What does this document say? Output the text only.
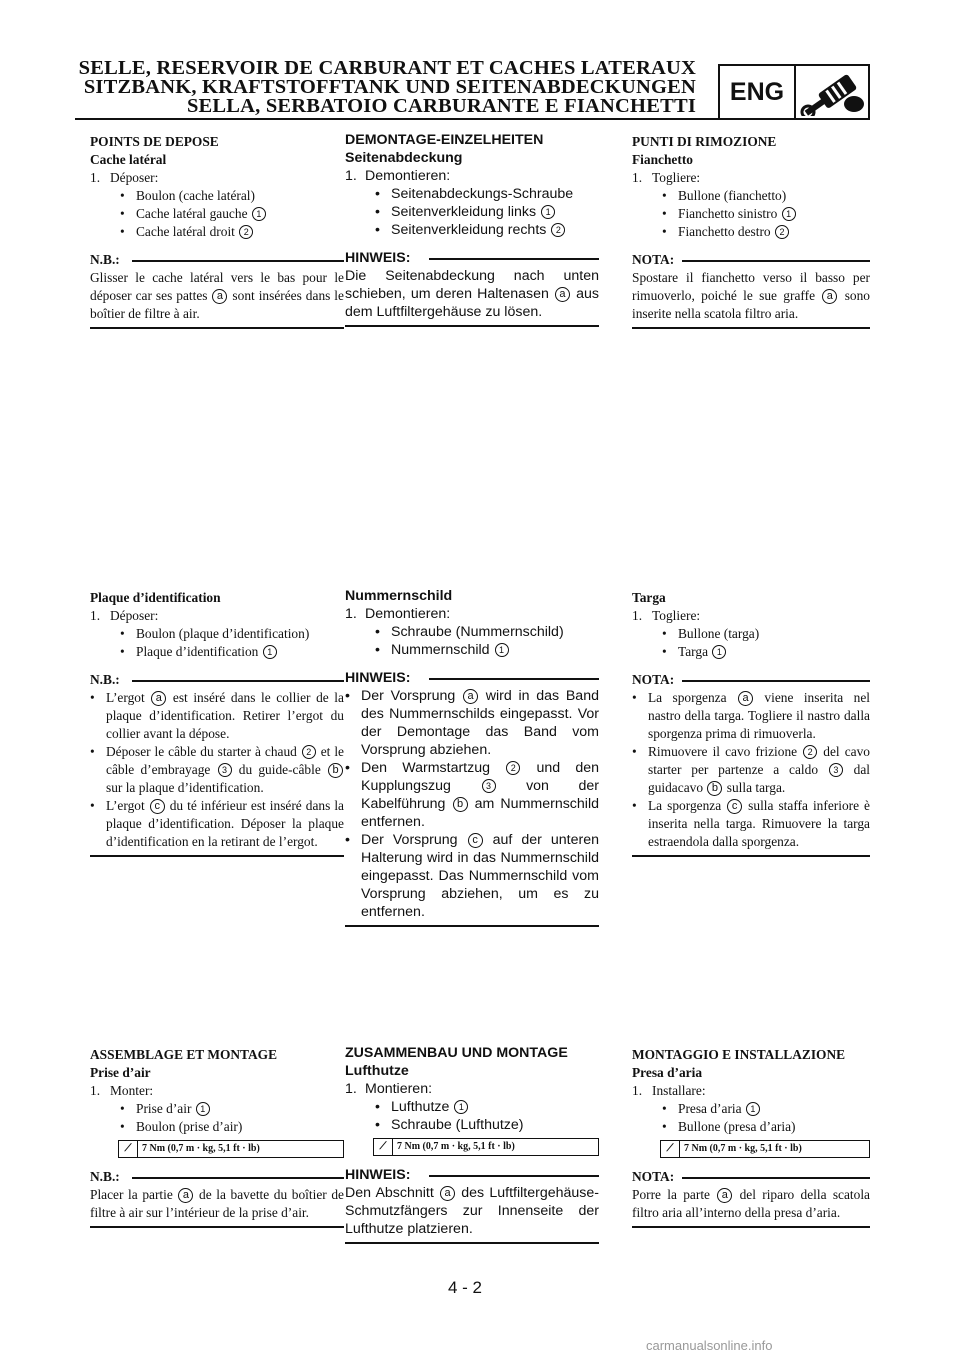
SELLE, RESERVOIR DE CARBURANT ET CACHES LATERAUX
SITZBANK, KRAFTSTOFFTANK UND SEITENABDECKUNGEN
SELLA, SERBATOIO CARBURANTE E FIANCHETTI
ENG
POINTS DE DEPOSE
Cache latéral
1. Déposer:
• Boulon (cache latéral)
• Cache latéral gauche 1
• Cache latéral droit 2
N.B.:
Glisser le cache latéral vers le bas pour le déposer car ses pattes a sont insérées dans le boîtier de filtre à air.
DEMONTAGE-EINZELHEITEN
Seitenabdeckung
1. Demontieren:
• Seitenabdeckungs-Schraube
• Seitenverkleidung links 1
• Seitenverkleidung rechts 2
HINWEIS:
Die Seitenabdeckung nach unten schieben, um deren Haltenasen a aus dem Luftfiltergehäuse zu lösen.
PUNTI DI RIMOZIONE
Fianchetto
1. Togliere:
• Bullone (fianchetto)
• Fianchetto sinistro 1
• Fianchetto destro 2
NOTA:
Spostare il fianchetto verso il basso per rimuoverlo, poiché le sue graffe a sono inserite nella scatola filtro aria.
Plaque d’identification
1. Déposer:
• Boulon (plaque d’identification)
• Plaque d’identification 1
N.B.:
• L’ergot a est inséré dans le collier de la plaque d’identification. Retirer l’ergot du collier avant la dépose.
• Déposer le câble du starter à chaud 2 et le câble d’embrayage 3 du guide-câble b sur la plaque d’identification.
• L’ergot c du té inférieur est inséré dans la plaque d’identification. Déposer la plaque d’identification en la retirant de l’ergot.
Nummernschild
1. Demontieren:
• Schraube (Nummernschild)
• Nummernschild 1
HINWEIS:
• Der Vorsprung a wird in das Band des Nummernschilds eingepasst. Vor der Demontage das Band vom Vorsprung abziehen.
• Den Warmstartzug 2 und den Kupplungszug	3 von der Kabelführung b am Nummernschild entfernen.
• Der Vorsprung c auf der unteren Halterung wird in das Nummernschild eingepasst. Das Nummernschild vom Vorsprung abziehen, um es zu entfernen.
Targa
1. Togliere:
• Bullone (targa)
• Targa 1
NOTA:
• La sporgenza a viene inserita nel nastro della targa. Togliere il nastro dalla sporgenza prima di rimuoverla.
• Rimuovere il cavo frizione 2 del cavo starter per partenze a caldo 3 dal guidacavo b sulla targa.
• La sporgenza c sulla staffa inferiore è inserita nella targa. Rimuovere la targa estraendola dalla sporgenza.
ASSEMBLAGE ET MONTAGE
Prise d’air
1. Monter:
• Prise d’air 1
• Boulon (prise d’air)
⟋	7 Nm (0,7 m · kg, 5,1 ft · lb)
N.B.:
Placer la partie a de la bavette du boîtier de filtre à air sur l’intérieur de la prise d’air.
ZUSAMMENBAU UND MONTAGE
Lufthutze
1. Montieren:
• Lufthutze 1
• Schraube (Lufthutze)
⟋	7 Nm (0,7 m · kg, 5,1 ft · lb)
HINWEIS:
Den Abschnitt a des Luftfiltergehäuse-Schmutzfängers zur Innenseite der Lufthutze platzieren.
MONTAGGIO E INSTALLAZIONE
Presa d’aria
1. Installare:
• Presa d’aria 1
• Bullone (presa d’aria)
⟋	7 Nm (0,7 m · kg, 5,1 ft · lb)
NOTA:
Porre la parte a del riparo della scatola filtro aria all’interno della presa d’aria.
4 - 2
carmanualsonline.info
